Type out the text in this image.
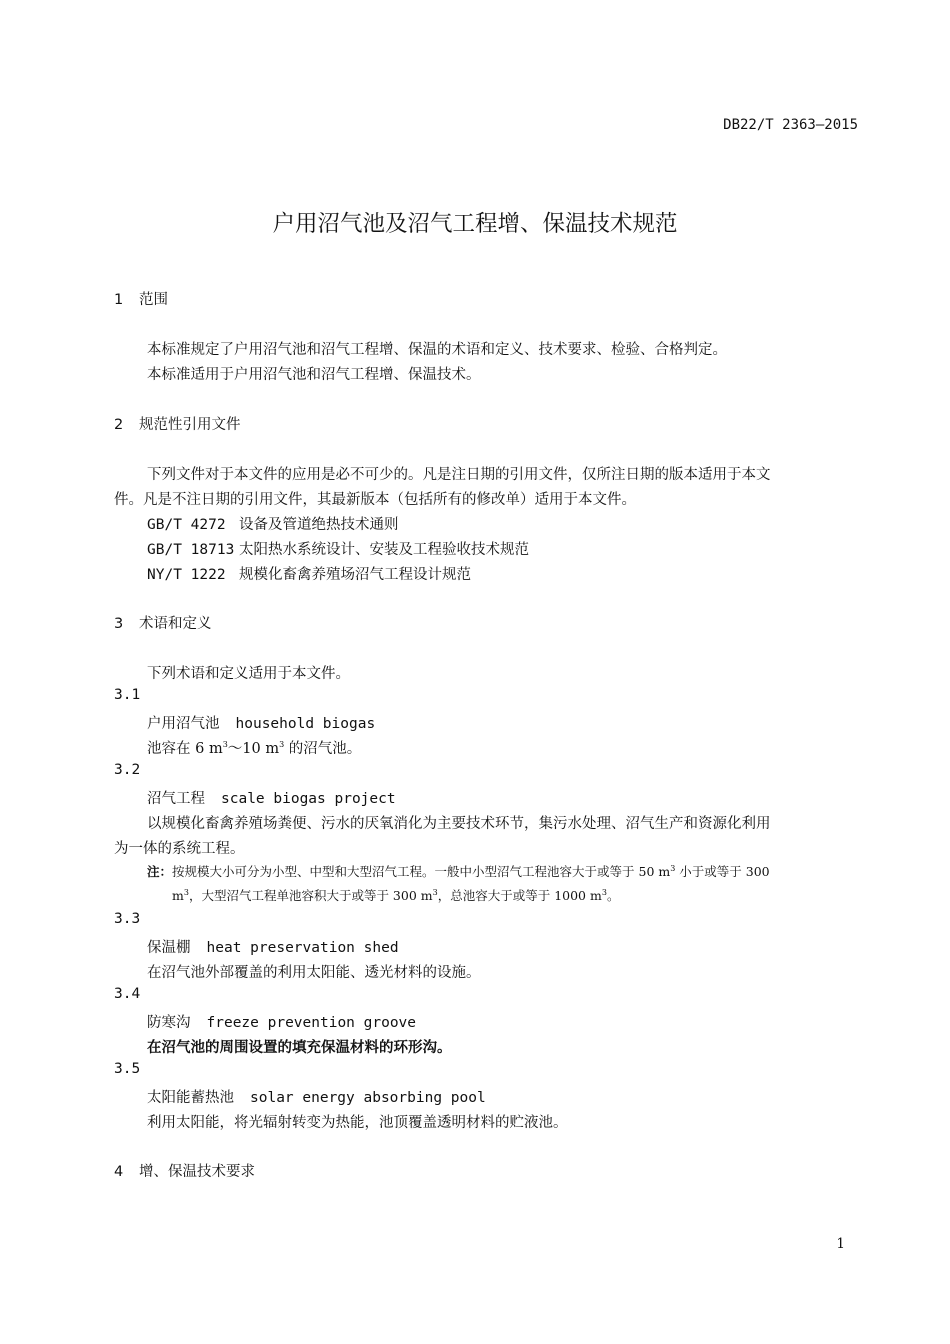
DB22/T 2363—2015
户用沼气池及沼气工程增、保温技术规范
1 范围
本标准规定了户用沼气池和沼气工程增、保温的术语和定义、技术要求、检验、合格判定。
本标准适用于户用沼气池和沼气工程增、保温技术。
2 规范性引用文件
下列文件对于本文件的应用是必不可少的。凡是注日期的引用文件，仅所注日期的版本适用于本文
件。凡是不注日期的引用文件，其最新版本（包括所有的修改单）适用于本文件。
GB/T 4272 设备及管道绝热技术通则
GB/T 18713 太阳热水系统设计、安装及工程验收技术规范
NY/T 1222 规模化畜禽养殖场沼气工程设计规范
3 术语和定义
下列术语和定义适用于本文件。
3.1
户用沼气池 household biogas
池容在 6 $m^3\sim 10$ $m^3$ 的沼气池。
3.2
沼气工程 scale biogas project
以规模化畜禽养殖场粪便、污水的厌氧消化为主要技术环节，集污水处理、沼气生产和资源化利用
为一体的系统工程。
注：按规模大小可分为小型、中型和大型沼气工程。一般中小型沼气工程池容大于或等于 50 $m^3$ 小于或等于 300
$m^3$，大型沼气工程单池容积大于或等于 300 $m^3$，总池容大于或等于 1000 $m^3$。
3.3
保温棚 heat preservation shed
在沼气池外部覆盖的利用太阳能、透光材料的设施。
3.4
防寒沟 freeze prevention groove
在沼气池的周围设置的填充保温材料的环形沟。
3.5
太阳能蓄热池 solar energy absorbing pool
利用太阳能，将光辐射转变为热能，池顶覆盖透明材料的贮液池。
4 增、保温技术要求
1
